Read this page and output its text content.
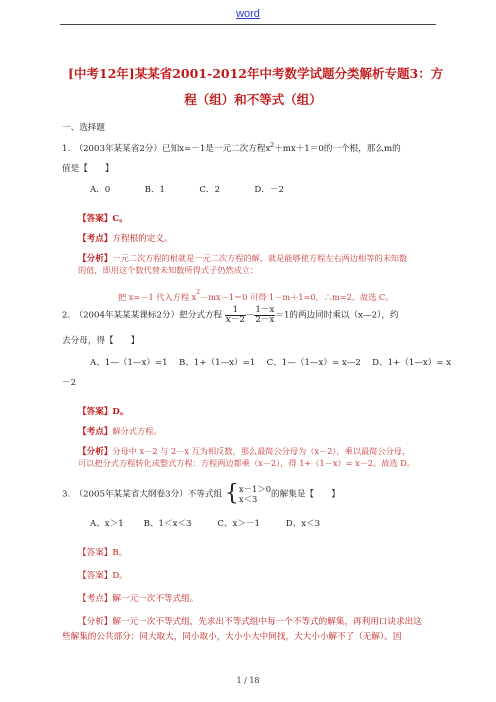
word
[中考12年]某某省2001-2012年中考数学试题分类解析专题3：方
程（组）和不等式（组）
一、选择题
1.　（2003年某某省2分）已知x=－1是一元二次方程$x^2+mx+1=0$的一个根，那么m的
值是【　　】
A．0　　　　B．1　　　　C．2　　　　D．－2
【答案】C。
【考点】方程根的定义。
【分析】一元二次方程的根就是一元二次方程的解，就是能够使方程左右两边相等的未知数
的值，即用这个数代替未知数所得式子仍然成立：
把 x=－1 代入方程 $x^2-mx-1=0$ 可得 1－m＋1=0，∴m=2。故选 C。
2.　（2004年某某某课标2分）把分式方程 $\frac{1}{x-2} - \frac{1-x}{2-x} =1$的两边同时乘以（x—2），约
去分母，得【　　】
A、1—（1—x）=1　 B、1+（1—x）=1　 C、1—（1—x）= x—2　 D、1+（1—x）= x
－2
【答案】D。
【考点】解分式方程。
【分析】分母中 x－2 与 2－x 互为相反数，那么最简公分母为（x－2），乘以最简公分母，
可以把分式方程转化成整式方程：方程两边都乘（x－2），得 1+（1－x）= x－2。故选 D。
3.　（2005年某某省大纲卷3分）不等式组 { x－1＞0
x＜3	的解集是【　　】
A、x＞1　　 B、1＜x＜3　　　C、x＞－1　　　D、x＜3
【答案】B。
【答案】D。
【考点】解一元一次不等式组。
【分析】解一元一次不等式组，先求出不等式组中每一个不等式的解集，再利用口诀求出这
些解集的公共部分：同大取大，同小取小，大小小大中间找，大大小小解不了（无解）。因
1 / 18
